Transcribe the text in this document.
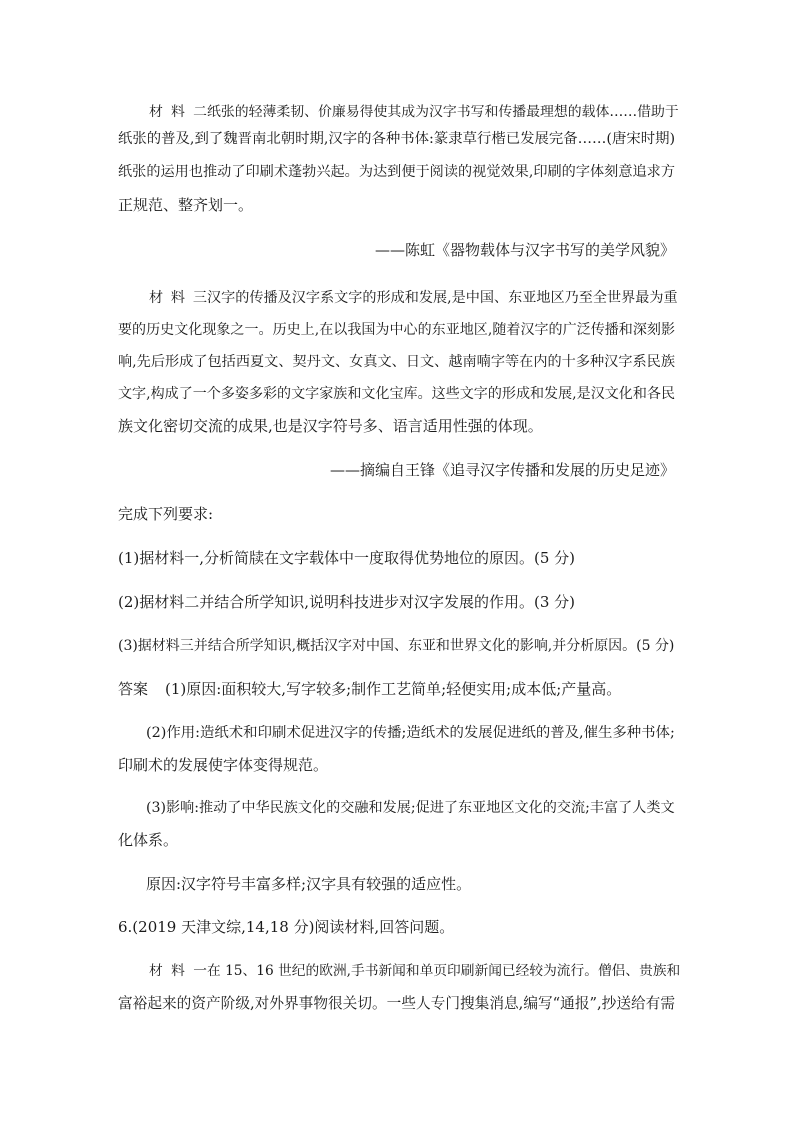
材料二纸张的轻薄柔韧、价廉易得使其成为汉字书写和传播最理想的载体……借助于

纸张的普及,到了魏晋南北朝时期,汉字的各种书体:篆隶草行楷已发展完备……(唐宋时期)

纸张的运用也推动了印刷术蓬勃兴起。为达到便于阅读的视觉效果,印刷的字体刻意追求方

正规范、整齐划一。

——陈虹《器物载体与汉字书写的美学风貌》

材料三汉字的传播及汉字系文字的形成和发展,是中国、东亚地区乃至全世界最为重

要的历史文化现象之一。历史上,在以我国为中心的东亚地区,随着汉字的广泛传播和深刻影

响,先后形成了包括西夏文、契丹文、女真文、日文、越南喃字等在内的十多种汉字系民族

文字,构成了一个多姿多彩的文字家族和文化宝库。这些文字的形成和发展,是汉文化和各民

族文化密切交流的成果,也是汉字符号多、语言适用性强的体现。

——摘编自王锋《追寻汉字传播和发展的历史足迹》

完成下列要求:

(1)据材料一,分析简牍在文字载体中一度取得优势地位的原因。(5 分)

(2)据材料二并结合所学知识,说明科技进步对汉字发展的作用。(3 分)

(3)据材料三并结合所学知识,概括汉字对中国、东亚和世界文化的影响,并分析原因。(5 分)

答案 (1)原因:面积较大,写字较多;制作工艺简单;轻便实用;成本低;产量高。

(2)作用:造纸术和印刷术促进汉字的传播;造纸术的发展促进纸的普及,催生多种书体;

印刷术的发展使字体变得规范。

(3)影响:推动了中华民族文化的交融和发展;促进了东亚地区文化的交流;丰富了人类文

化体系。

原因:汉字符号丰富多样;汉字具有较强的适应性。

6.(2019 天津文综,14,18 分)阅读材料,回答问题。

材料一在 15、16 世纪的欧洲,手书新闻和单页印刷新闻已经较为流行。僧侣、贵族和

富裕起来的资产阶级,对外界事物很关切。一些人专门搜集消息,编写“通报”,抄送给有需
